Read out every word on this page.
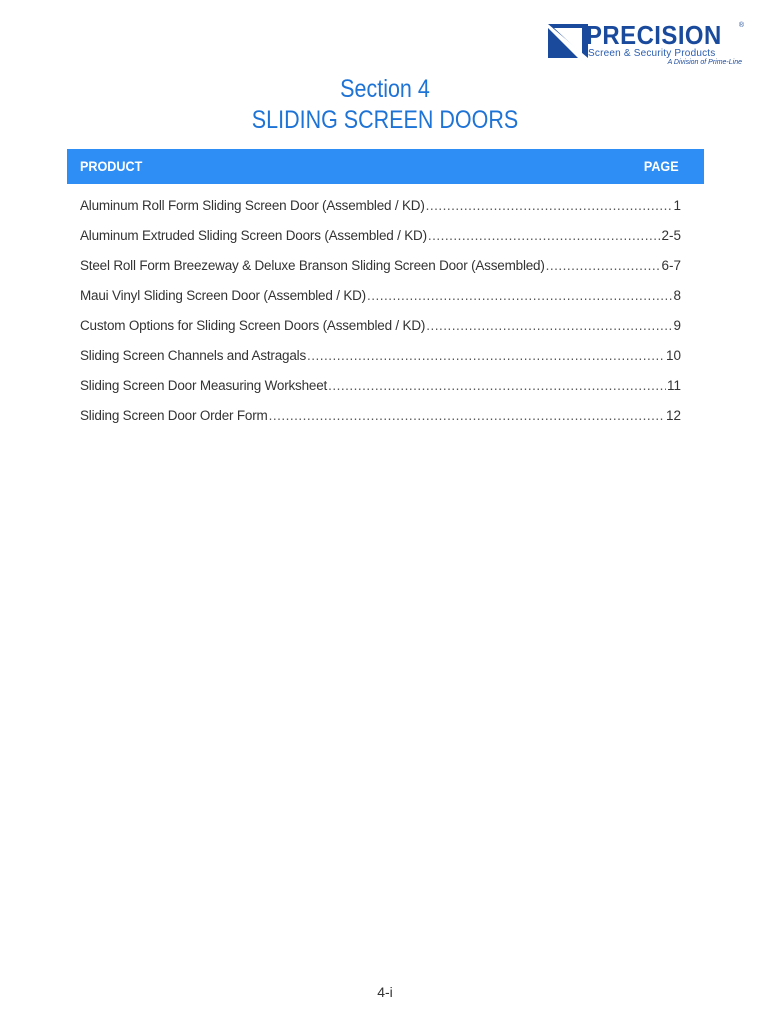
PRECISION ®
Screen & Security Products
A Division of Prime-Line
Section 4
SLIDING SCREEN DOORS
PRODUCT	PAGE
Aluminum Roll Form Sliding Screen Door (Assembled / KD) .....	1
Aluminum Extruded Sliding Screen Doors (Assembled / KD) .....	2-5
Steel Roll Form Breezeway & Deluxe Branson Sliding Screen Door (Assembled) .....	6-7
Maui Vinyl Sliding Screen Door (Assembled / KD) .....	8
Custom Options for Sliding Screen Doors (Assembled / KD) .....	9
Sliding Screen Channels and Astragals .....	10
Sliding Screen Door Measuring Worksheet .....	11
Sliding Screen Door Order Form .....	12
4-i
